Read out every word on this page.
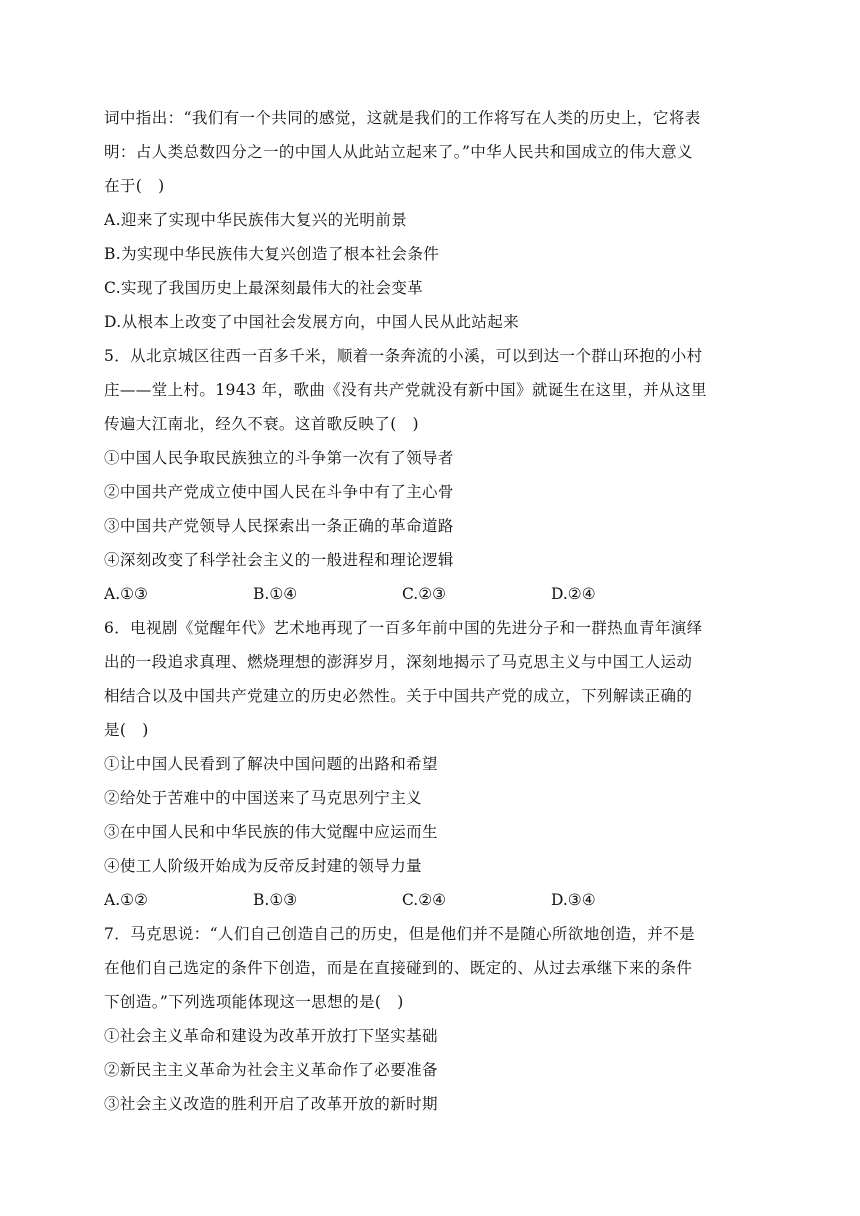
词中指出：“我们有一个共同的感觉，这就是我们的工作将写在人类的历史上，它将表
明：占人类总数四分之一的中国人从此站立起来了。”中华人民共和国成立的伟大意义
在于(　)
A.迎来了实现中华民族伟大复兴的光明前景
B.为实现中华民族伟大复兴创造了根本社会条件
C.实现了我国历史上最深刻最伟大的社会变革
D.从根本上改变了中国社会发展方向，中国人民从此站起来
5．从北京城区往西一百多千米，顺着一条奔流的小溪，可以到达一个群山环抱的小村
庄——堂上村。1943 年，歌曲《没有共产党就没有新中国》就诞生在这里，并从这里
传遍大江南北，经久不衰。这首歌反映了(　)
①中国人民争取民族独立的斗争第一次有了领导者
②中国共产党成立使中国人民在斗争中有了主心骨
③中国共产党领导人民探索出一条正确的革命道路
④深刻改变了科学社会主义的一般进程和理论逻辑
A.①③	B.①④	C.②③	D.②④
6．电视剧《觉醒年代》艺术地再现了一百多年前中国的先进分子和一群热血青年演绎
出的一段追求真理、燃烧理想的澎湃岁月，深刻地揭示了马克思主义与中国工人运动
相结合以及中国共产党建立的历史必然性。关于中国共产党的成立，下列解读正确的
是(　)
①让中国人民看到了解决中国问题的出路和希望
②给处于苦难中的中国送来了马克思列宁主义
③在中国人民和中华民族的伟大觉醒中应运而生
④使工人阶级开始成为反帝反封建的领导力量
A.①②	B.①③	C.②④	D.③④
7．马克思说：“人们自己创造自己的历史，但是他们并不是随心所欲地创造，并不是
在他们自己选定的条件下创造，而是在直接碰到的、既定的、从过去承继下来的条件
下创造。”下列选项能体现这一思想的是(　)
①社会主义革命和建设为改革开放打下坚实基础
②新民主主义革命为社会主义革命作了必要准备
③社会主义改造的胜利开启了改革开放的新时期
